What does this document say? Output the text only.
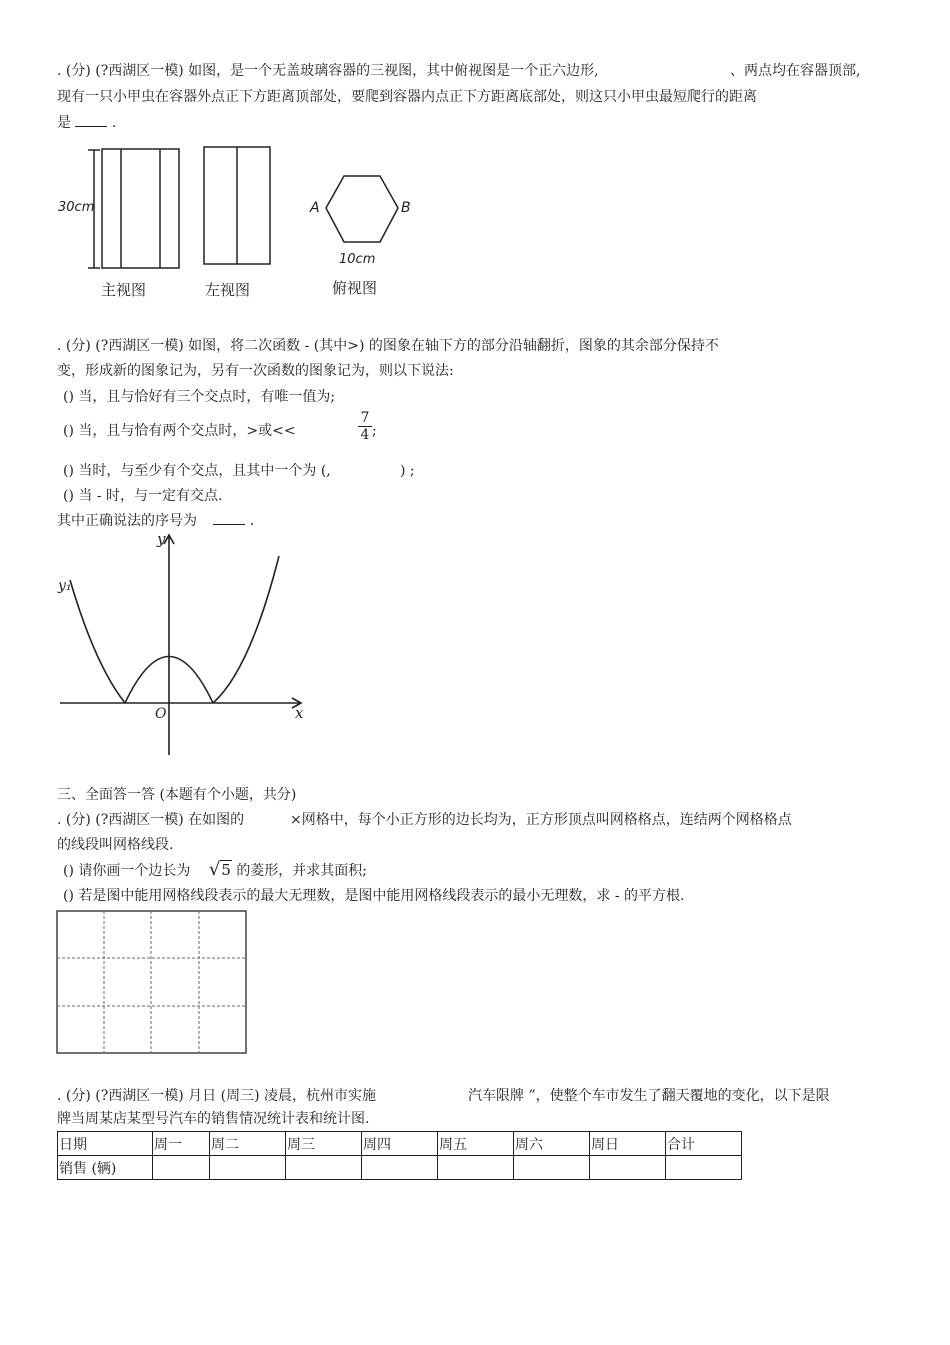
. (分) (?西湖区一模) 如图，是一个无盖玻璃容器的三视图，其中俯视图是一个正六边形,	、两点均在容器顶部,
现有一只小甲虫在容器外点正下方距离顶部处，要爬到容器内点正下方距离底部处，则这只小甲虫最短爬行的距离
是	.
30cm
主视图	左视图	俯视图
A	B
10cm
. (分) (?西湖区一模) 如图，将二次函数 - (其中>) 的图象在轴下方的部分沿轴翻折，图象的其余部分保持不
变，形成新的图象记为，另有一次函数的图象记为，则以下说法:
() 当，且与恰好有三个交点时，有唯一值为;
() 当，且与恰有两个交点时，>或<<
7
4 ;
() 当时，与至少有个交点，且其中一个为 (,	) ;
() 当 - 时，与一定有交点.
其中正确说法的序号为	.
y
y₁
x
O
三、全面答一答 (本题有个小题，共分)
. (分) (?西湖区一模) 在如图的	×网格中，每个小正方形的边长均为，正方形顶点叫网格格点，连结两个网格格点
的线段叫网格线段.
() 请你画一个边长为 √5 的菱形，并求其面积;
() 若是图中能用网格线段表示的最大无理数，是图中能用网格线段表示的最小无理数，求 - 的平方根.
. (分) (?西湖区一模) 月日 (周三) 凌晨，杭州市实施	汽车限牌 ”，使整个车市发生了翻天覆地的变化，以下是限
牌当周某店某型号汽车的销售情况统计表和统计图.
日期	周一	周二	周三	周四	周五	周六	周日	合计
销售 (辆)								
